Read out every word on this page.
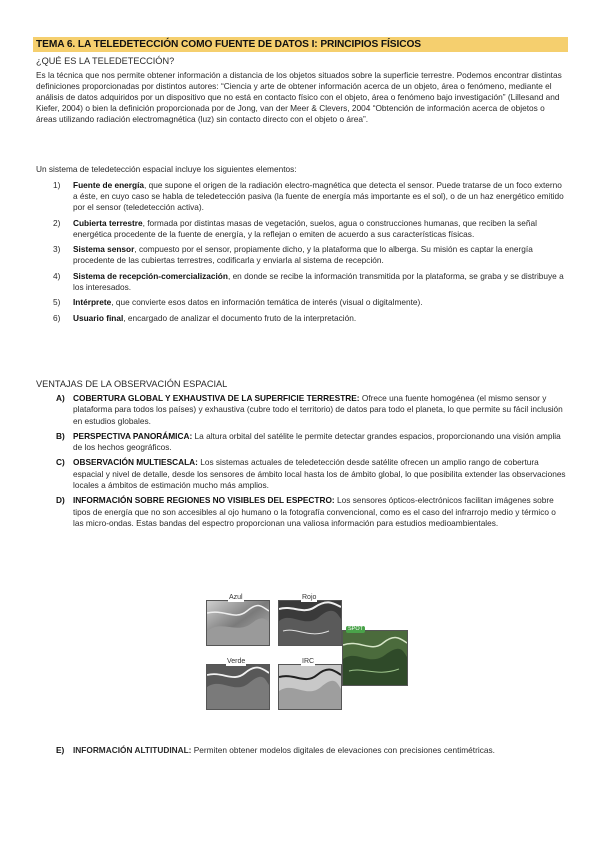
TEMA 6. LA TELEDETECCIÓN COMO FUENTE DE DATOS I: PRINCIPIOS FÍSICOS
¿QUÉ ES LA TELEDETECCIÓN?
Es la técnica que nos permite obtener información a distancia de los objetos situados sobre la superficie terrestre. Podemos encontrar distintas definiciones proporcionadas por distintos autores: “Ciencia y arte de obtener información acerca de un objeto, área o fenómeno, mediante el análisis de datos adquiridos por un dispositivo que no está en contacto físico con el objeto, área o fenómeno bajo investigación” (Lillesand and Kiefer, 2004) o bien la definición proporcionada por de Jong, van der Meer & Clevers, 2004 “Obtención de información acerca de objetos o áreas utilizando radiación electromagnética (luz) sin contacto directo con el objeto o área”.
Un sistema de teledetección espacial incluye los siguientes elementos:
1) Fuente de energía, que supone el origen de la radiación electro-magnética que detecta el sensor. Puede tratarse de un foco externo a éste, en cuyo caso se habla de teledetección pasiva (la fuente de energía más importante es el sol), o de un haz energético emitido por el sensor (teledetección activa).
2) Cubierta terrestre, formada por distintas masas de vegetación, suelos, agua o construcciones humanas, que reciben la señal energética procedente de la fuente de energía, y la reflejan o emiten de acuerdo a sus características físicas.
3) Sistema sensor, compuesto por el sensor, propiamente dicho, y la plataforma que lo alberga. Su misión es captar la energía procedente de las cubiertas terrestres, codificarla y enviarla al sistema de recepción.
4) Sistema de recepción-comercialización, en donde se recibe la información transmitida por la plataforma, se graba y se distribuye a los interesados.
5) Intérprete, que convierte esos datos en información temática de interés (visual o digitalmente).
6) Usuario final, encargado de analizar el documento fruto de la interpretación.
VENTAJAS DE LA OBSERVACIÓN ESPACIAL
A) COBERTURA GLOBAL Y EXHAUSTIVA DE LA SUPERFICIE TERRESTRE: Ofrece una fuente homogénea (el mismo sensor y plataforma para todos los países) y exhaustiva (cubre todo el territorio) de datos para todo el planeta, lo que permite su fácil inclusión en estudios globales.
B) PERSPECTIVA PANORÁMICA: La altura orbital del satélite le permite detectar grandes espacios, proporcionando una visión amplia de los hechos geográficos.
C) OBSERVACIÓN MULTIESCALA: Los sistemas actuales de teledetección desde satélite ofrecen un amplio rango de cobertura espacial y nivel de detalle, desde los sensores de ámbito local hasta los de ámbito global, lo que posibilita extender las observaciones locales a ámbitos de estimación mucho más amplios.
D) INFORMACIÓN SOBRE REGIONES NO VISIBLES DEL ESPECTRO: Los sensores ópticos-electrónicos facilitan imágenes sobre tipos de energía que no son accesibles al ojo humano o la fotografía convencional, como es el caso del infrarrojo medio y térmico o las micro-ondas. Estas bandas del espectro proporcionan una valiosa información para estudios medioambientales.
Azul	Rojo
SPOT
Verde	IRC
E)	INFORMACIÓN ALTITUDINAL: Permiten obtener modelos digitales de elevaciones con precisiones centimétricas.
